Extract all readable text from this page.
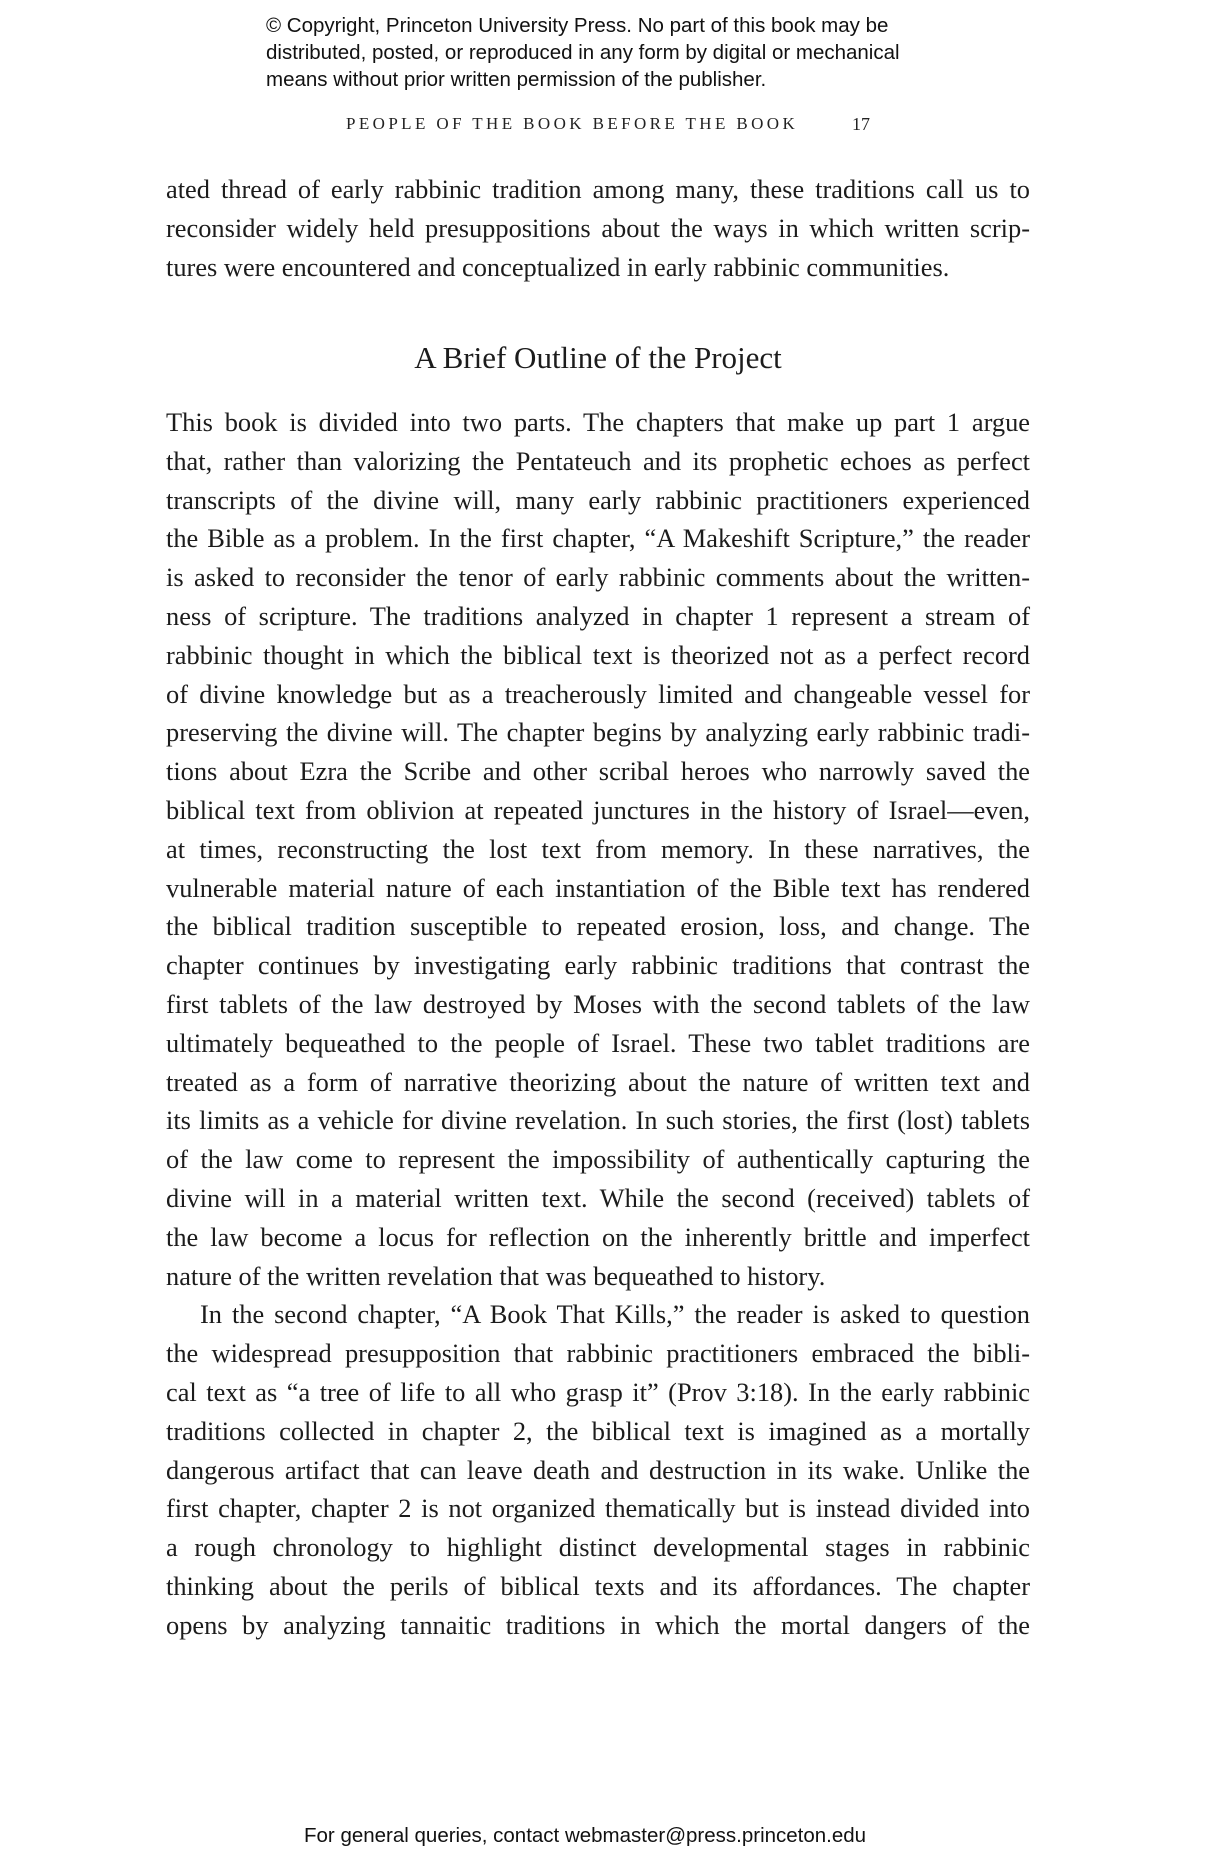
© Copyright, Princeton University Press. No part of this book may be
distributed, posted, or reproduced in any form by digital or mechanical
means without prior written permission of the publisher.
PEOPLE OF THE BOOK BEFORE THE BOOK	17
ated thread of early rabbinic tradition among many, these traditions call us to
reconsider widely held presuppositions about the ways in which written scrip-
tures were encountered and conceptualized in early rabbinic communities.
A Brief Outline of the Project
This book is divided into two parts. The chapters that make up part 1 argue
that, rather than valorizing the Pentateuch and its prophetic echoes as perfect
transcripts of the divine will, many early rabbinic practitioners experienced
the Bible as a problem. In the first chapter, “A Makeshift Scripture,” the reader
is asked to reconsider the tenor of early rabbinic comments about the written-
ness of scripture. The traditions analyzed in chapter 1 represent a stream of
rabbinic thought in which the biblical text is theorized not as a perfect record
of divine knowledge but as a treacherously limited and changeable vessel for
preserving the divine will. The chapter begins by analyzing early rabbinic tradi-
tions about Ezra the Scribe and other scribal heroes who narrowly saved the
biblical text from oblivion at repeated junctures in the history of Israel—even,
at times, reconstructing the lost text from memory. In these narratives, the
vulnerable material nature of each instantiation of the Bible text has rendered
the biblical tradition susceptible to repeated erosion, loss, and change. The
chapter continues by investigating early rabbinic traditions that contrast the
first tablets of the law destroyed by Moses with the second tablets of the law
ultimately bequeathed to the people of Israel. These two tablet traditions are
treated as a form of narrative theorizing about the nature of written text and
its limits as a vehicle for divine revelation. In such stories, the first (lost) tablets
of the law come to represent the impossibility of authentically capturing the
divine will in a material written text. While the second (received) tablets of
the law become a locus for reflection on the inherently brittle and imperfect
nature of the written revelation that was bequeathed to history.
In the second chapter, “A Book That Kills,” the reader is asked to question
the widespread presupposition that rabbinic practitioners embraced the bibli-
cal text as “a tree of life to all who grasp it” (Prov 3:18). In the early rabbinic
traditions collected in chapter 2, the biblical text is imagined as a mortally
dangerous artifact that can leave death and destruction in its wake. Unlike the
first chapter, chapter 2 is not organized thematically but is instead divided into
a rough chronology to highlight distinct developmental stages in rabbinic
thinking about the perils of biblical texts and its affordances. The chapter
opens by analyzing tannaitic traditions in which the mortal dangers of the
For general queries, contact webmaster@press.princeton.edu
